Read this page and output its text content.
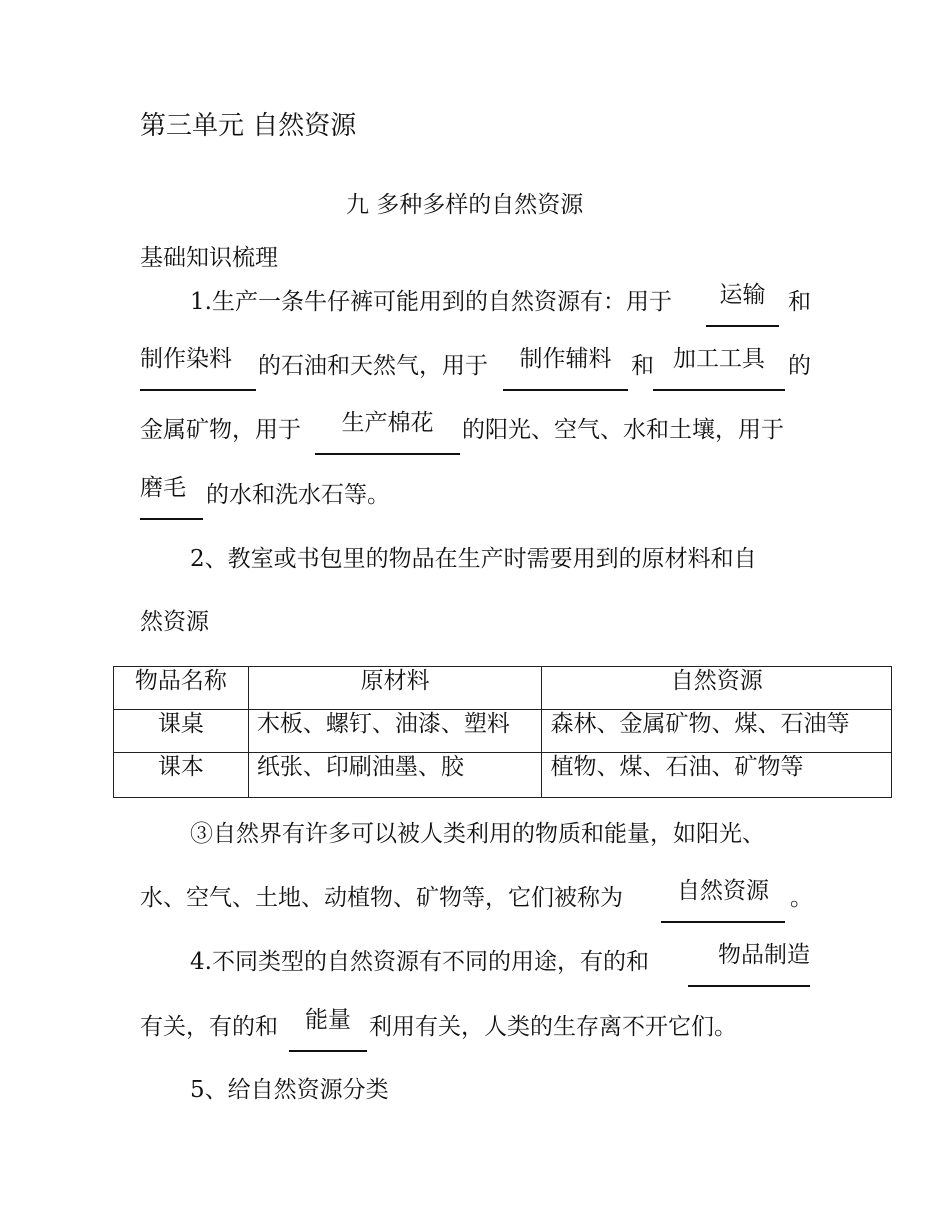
第三单元 自然资源
九 多种多样的自然资源
基础知识梳理
1.生产一条牛仔裤可能用到的自然资源有：用于	运输 和
制作染料	的石油和天然气，用于	制作辅料 和 加工工具	的
金属矿物，用于	生产棉花	的阳光、空气、水和土壤，用于
磨毛 的水和洗水石等。
2、教室或书包里的物品在生产时需要用到的原材料和自
然资源
物品名称	原材料	自然资源
课桌	木板、螺钉、油漆、塑料	森林、金属矿物、煤、石油等
课本	纸张、印刷油墨、胶	植物、煤、石油、矿物等
③自然界有许多可以被人类利用的物质和能量，如阳光、
水、空气、土地、动植物、矿物等，它们被称为	自然资源 。
4.不同类型的自然资源有不同的用途，有的和	物品制造
有关，有的和	能量 利用有关，人类的生存离不开它们。
5、给自然资源分类
